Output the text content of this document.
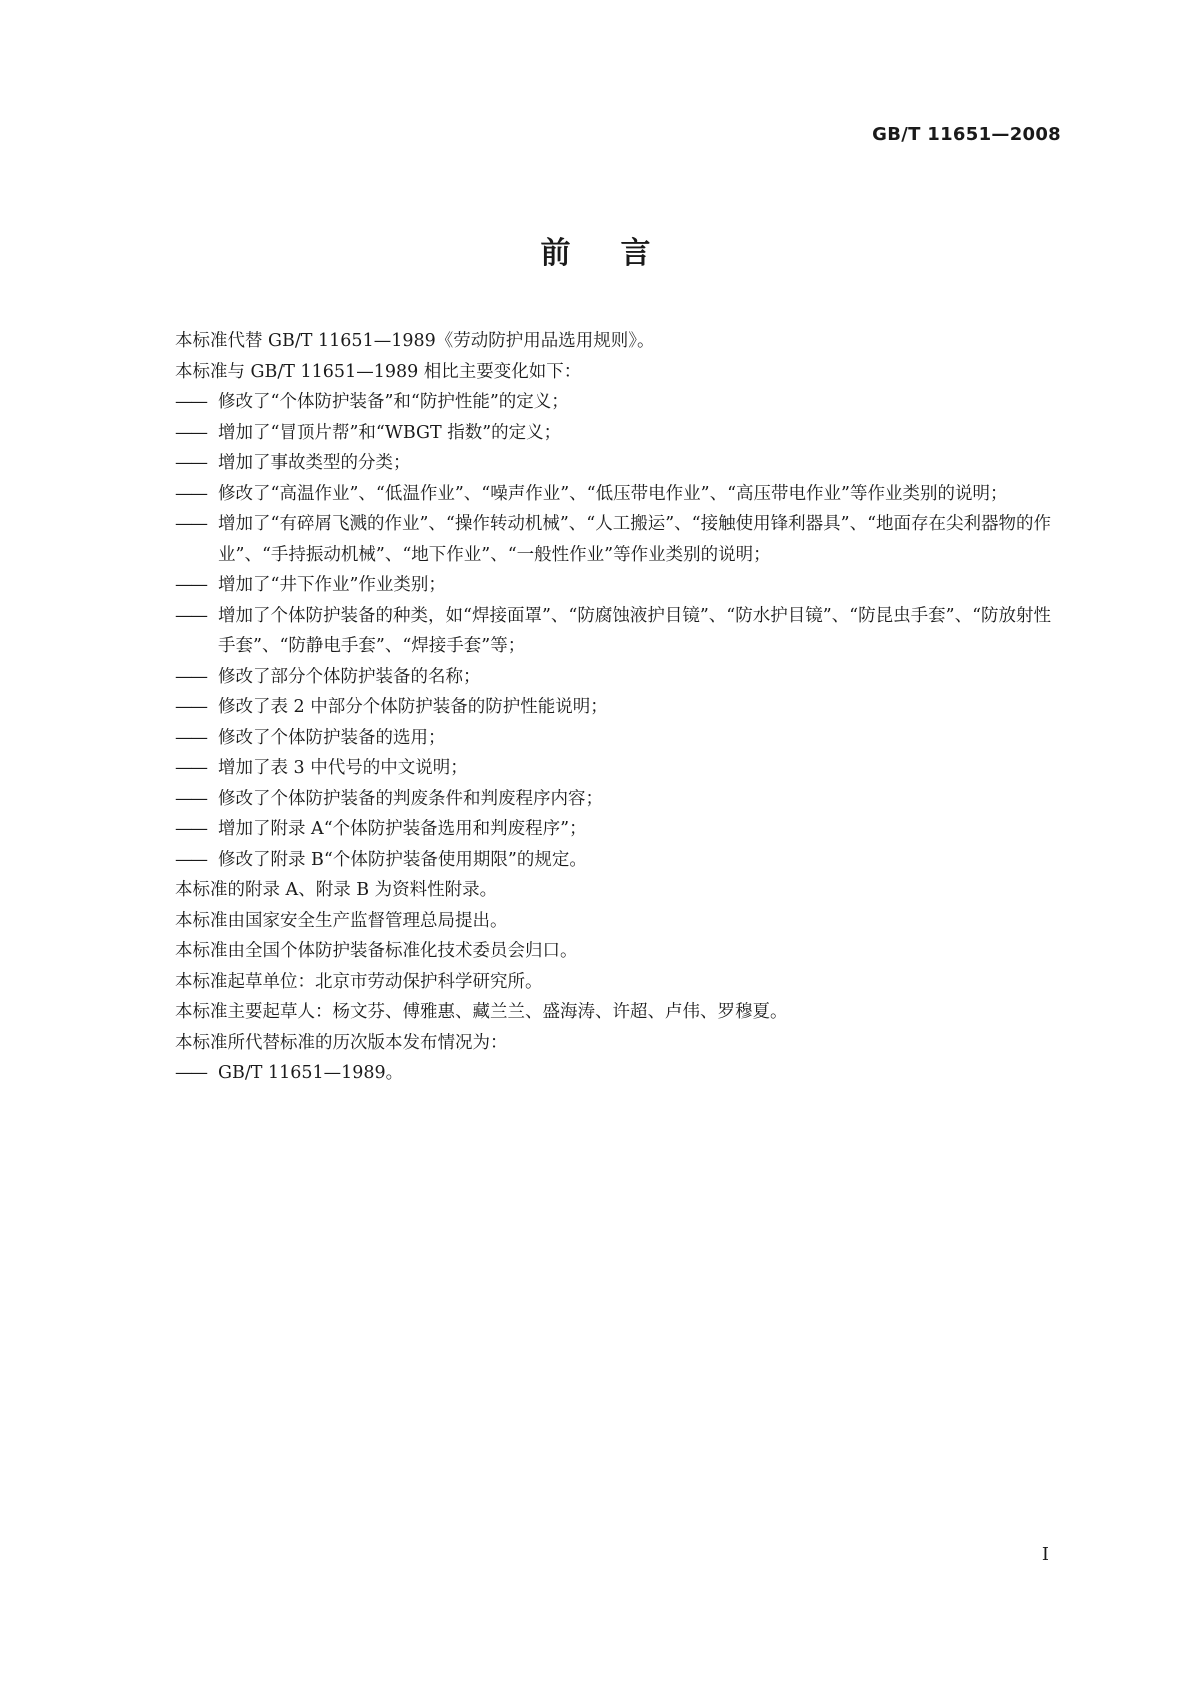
GB/T 11651—2008
前言

本标准代替 GB/T 11651—1989《劳动防护用品选用规则》。

本标准与 GB/T 11651—1989 相比主要变化如下：

—— 修改了“个体防护装备”和“防护性能”的定义；
—— 增加了“冒顶片帮”和“WBGT 指数”的定义；
—— 增加了事故类型的分类；
—— 修改了“高温作业”、“低温作业”、“噪声作业”、“低压带电作业”、“高压带电作业”等作业类别的说明；
—— 增加了“有碎屑飞溅的作业”、“操作转动机械”、“人工搬运”、“接触使用锋利器具”、“地面存在尖利器物的作业”、“手持振动机械”、“地下作业”、“一般性作业”等作业类别的说明；
—— 增加了“井下作业”作业类别；
—— 增加了个体防护装备的种类，如“焊接面罩”、“防腐蚀液护目镜”、“防水护目镜”、“防昆虫手套”、“防放射性手套”、“防静电手套”、“焊接手套”等；
—— 修改了部分个体防护装备的名称；
—— 修改了表 2 中部分个体防护装备的防护性能说明；
—— 修改了个体防护装备的选用；
—— 增加了表 3 中代号的中文说明；
—— 修改了个体防护装备的判废条件和判废程序内容；
—— 增加了附录 A“个体防护装备选用和判废程序”；
—— 修改了附录 B“个体防护装备使用期限”的规定。

本标准的附录 A、附录 B 为资料性附录。

本标准由国家安全生产监督管理总局提出。

本标准由全国个体防护装备标准化技术委员会归口。

本标准起草单位：北京市劳动保护科学研究所。

本标准主要起草人：杨文芬、傅雅惠、藏兰兰、盛海涛、许超、卢伟、罗穆夏。

本标准所代替标准的历次版本发布情况为：

—— GB/T 11651—1989。
I
